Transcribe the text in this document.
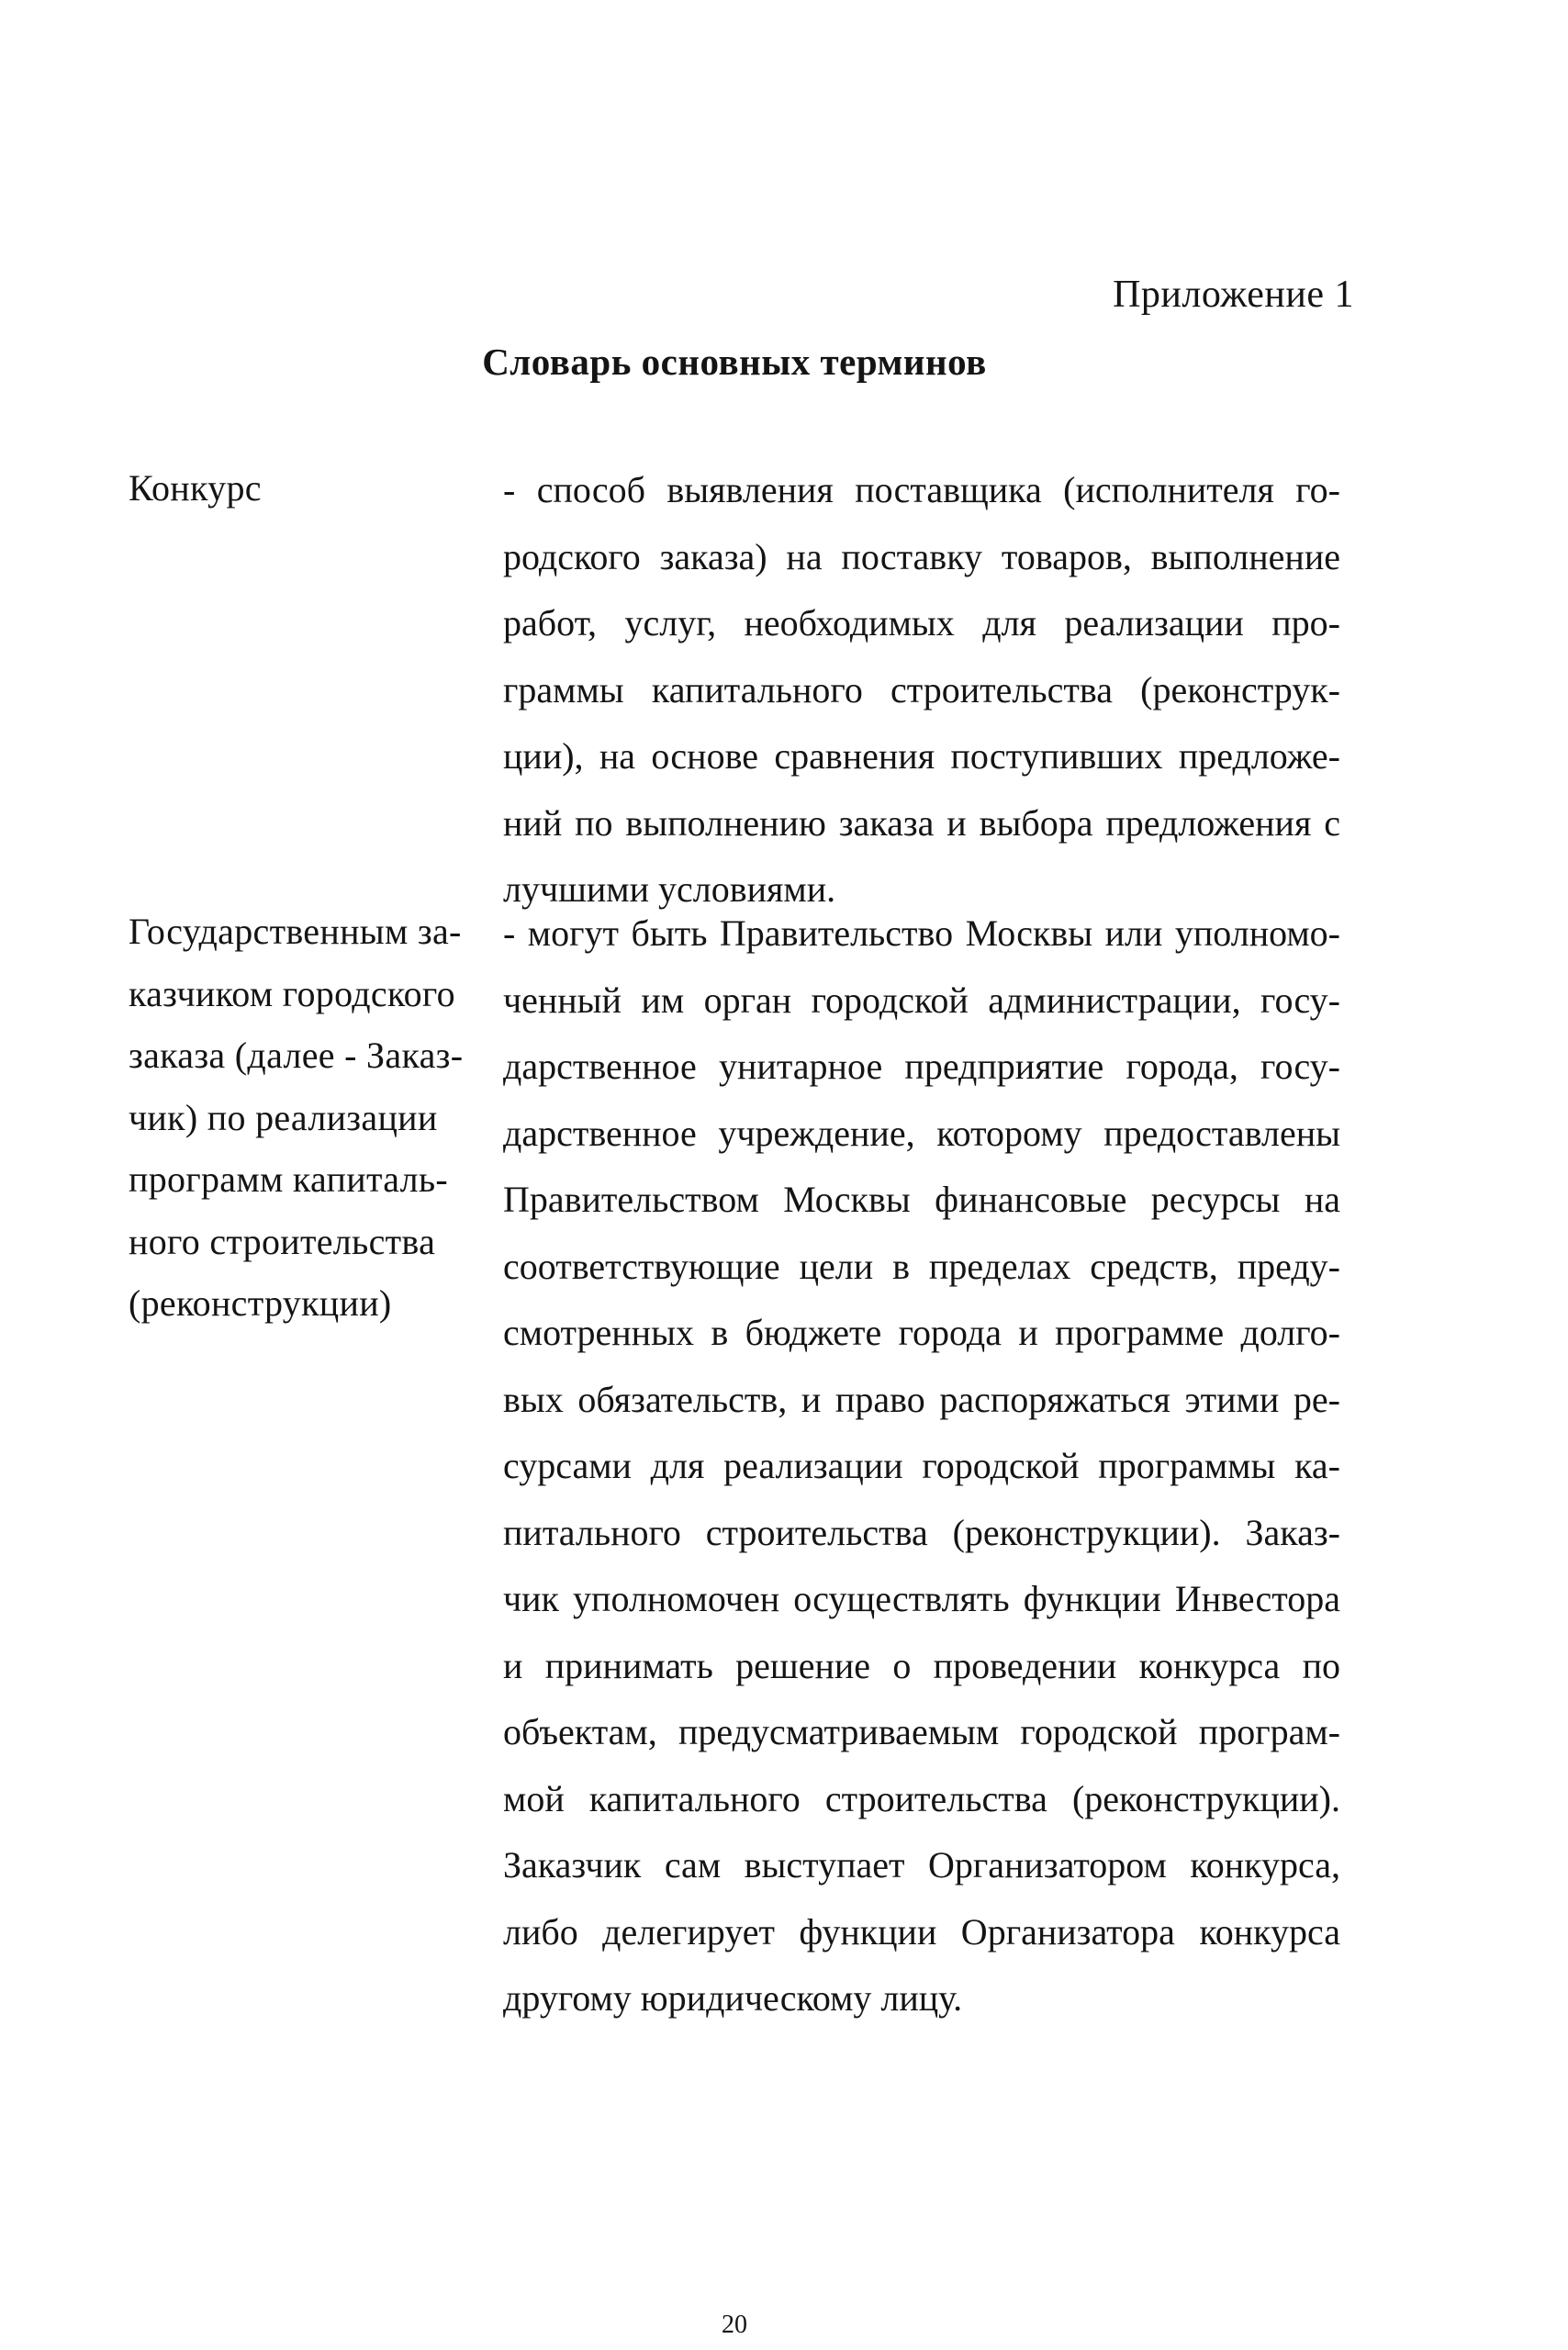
Приложение 1
Словарь основных терминов
Конкурс	- способ выявления поставщика (исполнителя го-
родского заказа) на поставку товаров, выполнение
работ, услуг, необходимых для реализации про-
граммы капитального строительства (реконструк-
ции), на основе сравнения поступивших предложе-
ний по выполнению заказа и выбора предложения с
лучшими условиями.
Государственным за-
казчиком городского
заказа (далее - Заказ-
чик) по реализации
программ капиталь-
ного строительства
(реконструкции)
- могут быть Правительство Москвы или уполномо-
ченный им орган городской администрации, госу-
дарственное унитарное предприятие города, госу-
дарственное учреждение, которому предоставлены
Правительством Москвы финансовые ресурсы на
соответствующие цели в пределах средств, преду-
смотренных в бюджете города и программе долго-
вых обязательств, и право распоряжаться этими ре-
сурсами для реализации городской программы ка-
питального строительства (реконструкции). Заказ-
чик уполномочен осуществлять функции Инвестора
и принимать решение о проведении конкурса по
объектам, предусматриваемым городской програм-
мой капитального строительства (реконструкции).
Заказчик сам выступает Организатором конкурса,
либо делегирует функции Организатора конкурса
другому юридическому лицу.
20
